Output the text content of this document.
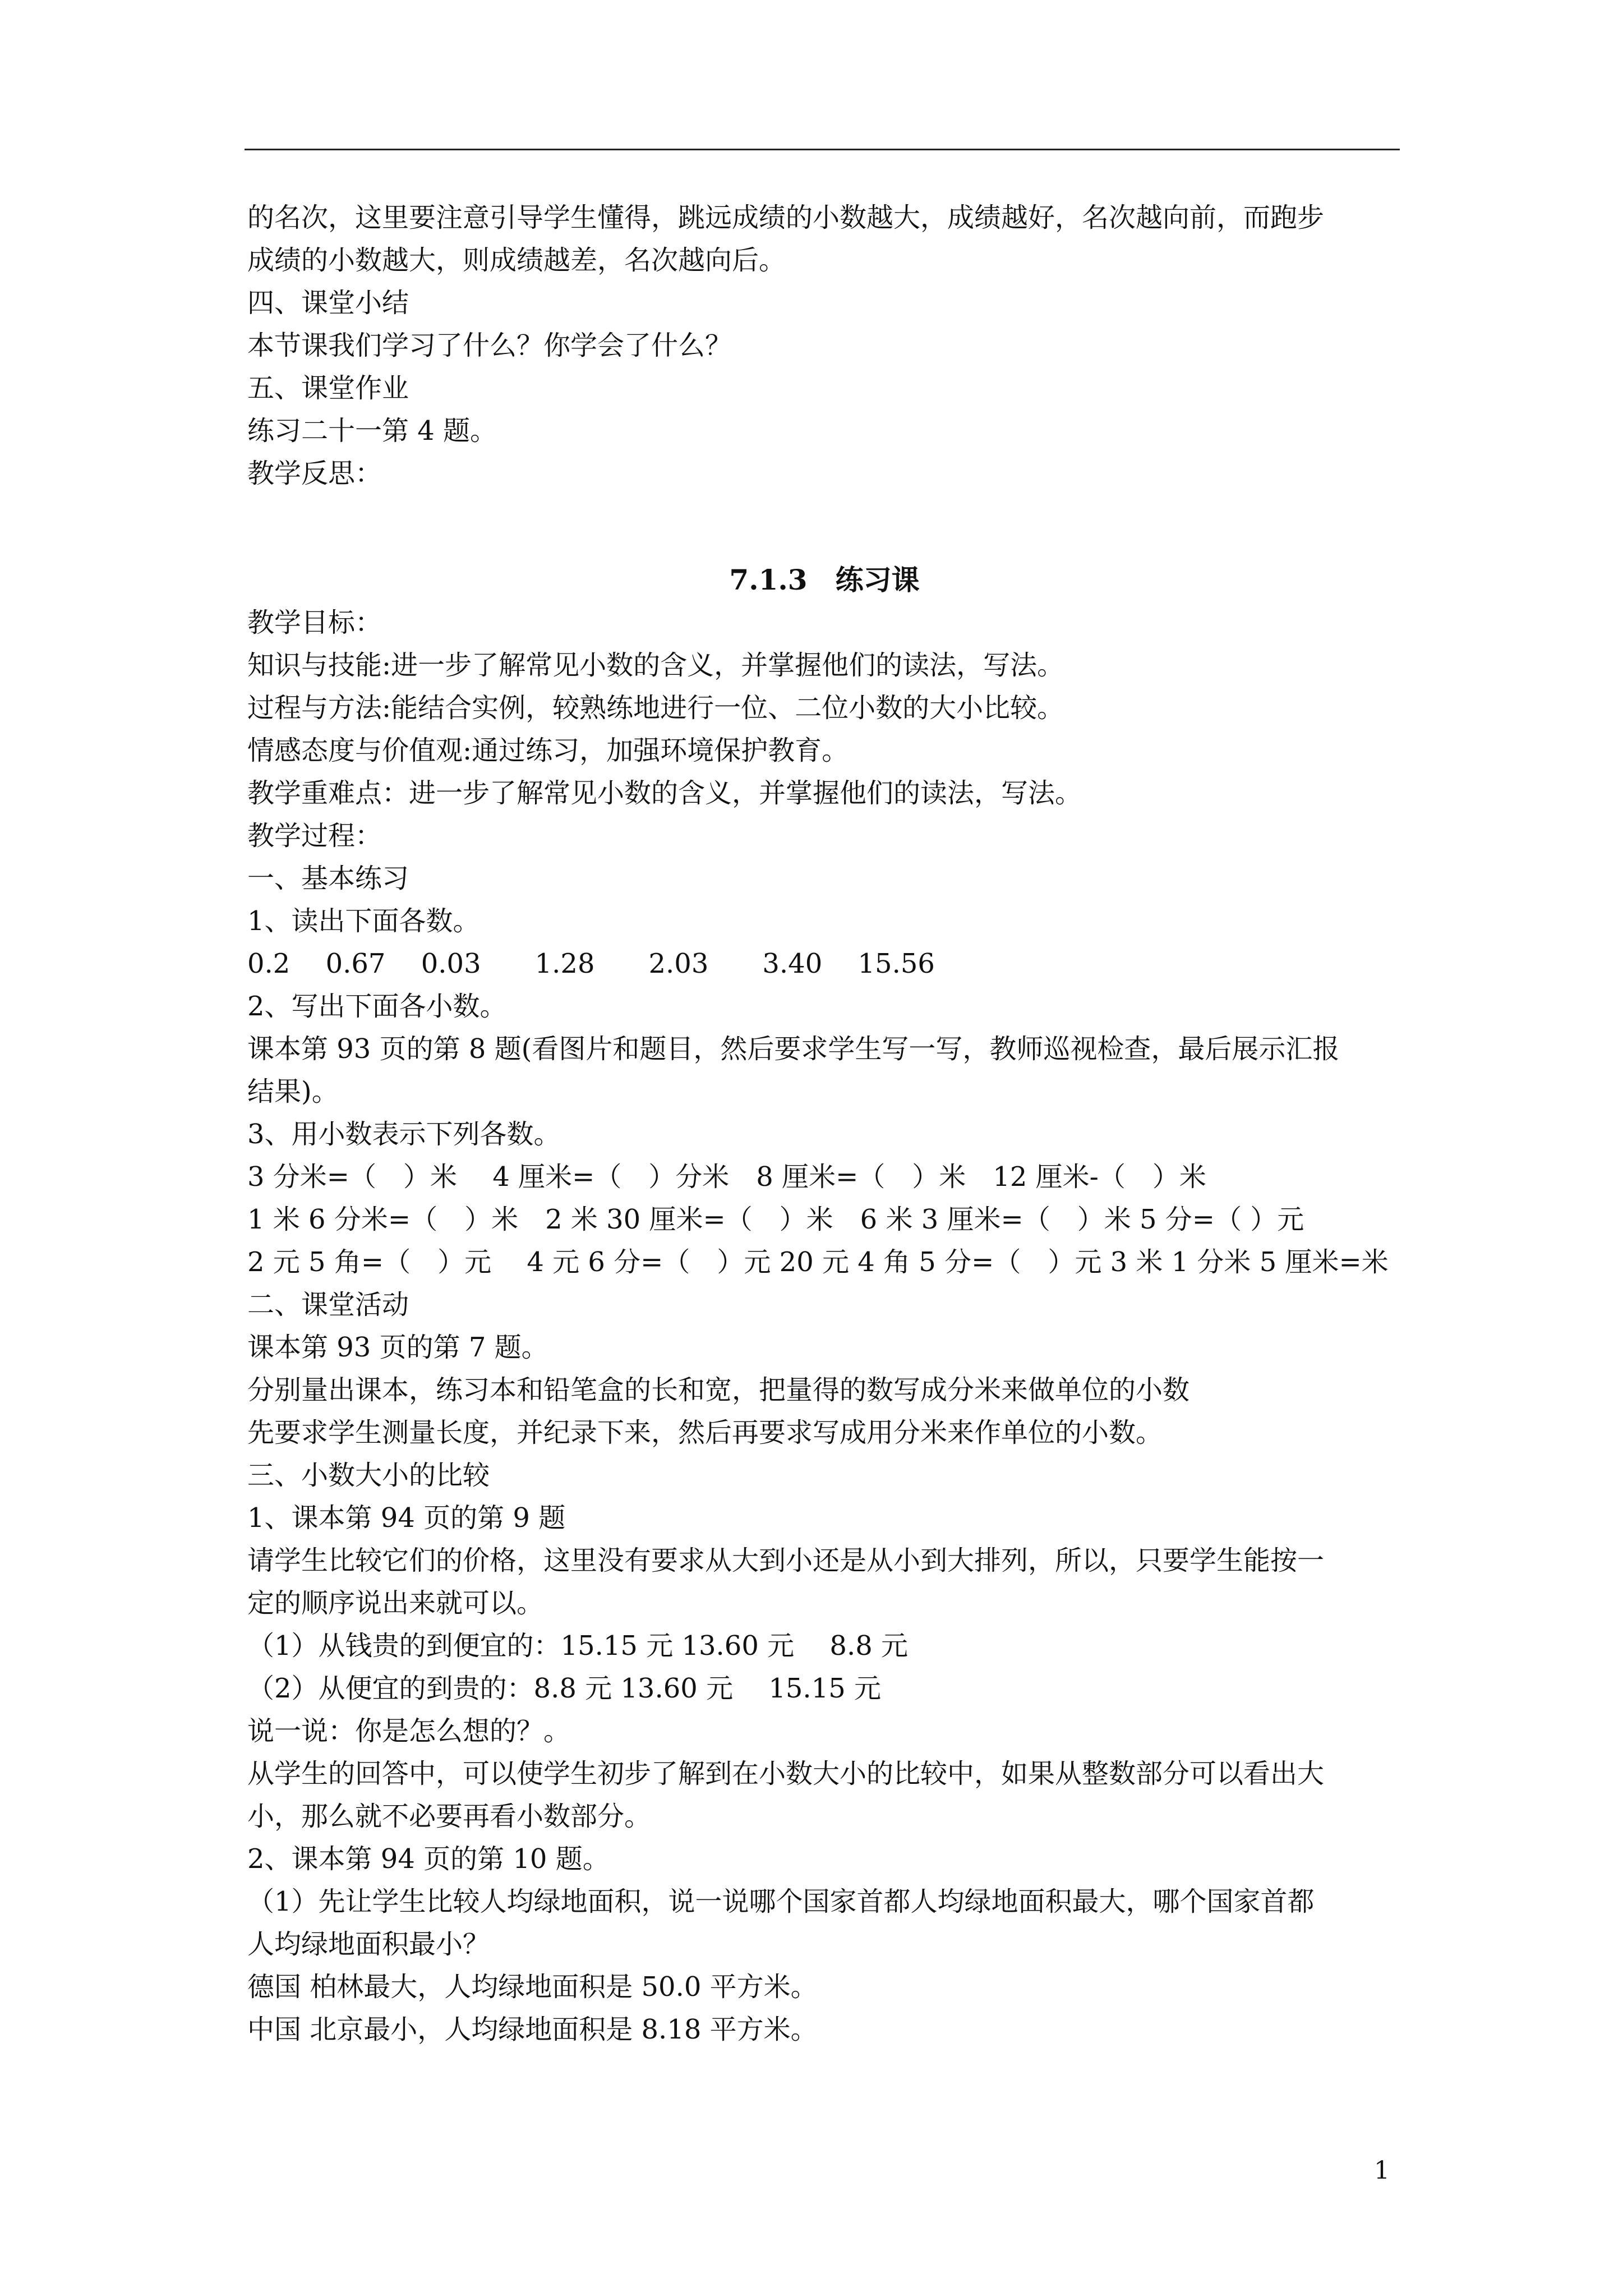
的名次，这里要注意引导学生懂得，跳远成绩的小数越大，成绩越好，名次越向前，而跑步
成绩的小数越大，则成绩越差，名次越向后。
四、课堂小结
本节课我们学习了什么？你学会了什么？
五、课堂作业
练习二十一第 4 题。
教学反思：
7.1.3　练习课
教学目标：
知识与技能:进一步了解常见小数的含义，并掌握他们的读法，写法。
过程与方法:能结合实例，较熟练地进行一位、二位小数的大小比较。
情感态度与价值观:通过练习，加强环境保护教育。
教学重难点：进一步了解常见小数的含义，并掌握他们的读法，写法。
教学过程：
一、基本练习
1、读出下面各数。
0.2　 0.67　 0.03　　1.28　　2.03　　3.40　 15.56
2、写出下面各小数。
课本第 93 页的第 8 题(看图片和题目，然后要求学生写一写，教师巡视检查，最后展示汇报
结果)。
3、用小数表示下列各数。
3 分米=（　）米　 4 厘米=（　）分米　8 厘米=（　）米　12 厘米-（　）米
1 米 6 分米=（　）米　2 米 30 厘米=（　）米　6 米 3 厘米=（　）米 5 分=（ ）元
2 元 5 角=（　）元　 4 元 6 分=（　）元 20 元 4 角 5 分=（　）元 3 米 1 分米 5 厘米=米
二、课堂活动
课本第 93 页的第 7 题。
分别量出课本，练习本和铅笔盒的长和宽，把量得的数写成分米来做单位的小数
先要求学生测量长度，并纪录下来，然后再要求写成用分米来作单位的小数。
三、小数大小的比较
1、课本第 94 页的第 9 题
请学生比较它们的价格，这里没有要求从大到小还是从小到大排列，所以，只要学生能按一
定的顺序说出来就可以。
（1）从钱贵的到便宜的：15.15 元 13.60 元　 8.8 元
（2）从便宜的到贵的：8.8 元 13.60 元　 15.15 元
说一说：你是怎么想的？。
从学生的回答中，可以使学生初步了解到在小数大小的比较中，如果从整数部分可以看出大
小，那么就不必要再看小数部分。
2、课本第 94 页的第 10 题。
（1）先让学生比较人均绿地面积，说一说哪个国家首都人均绿地面积最大，哪个国家首都
人均绿地面积最小？
德国 柏林最大，人均绿地面积是 50.0 平方米。
中国 北京最小，人均绿地面积是 8.18 平方米。
1
